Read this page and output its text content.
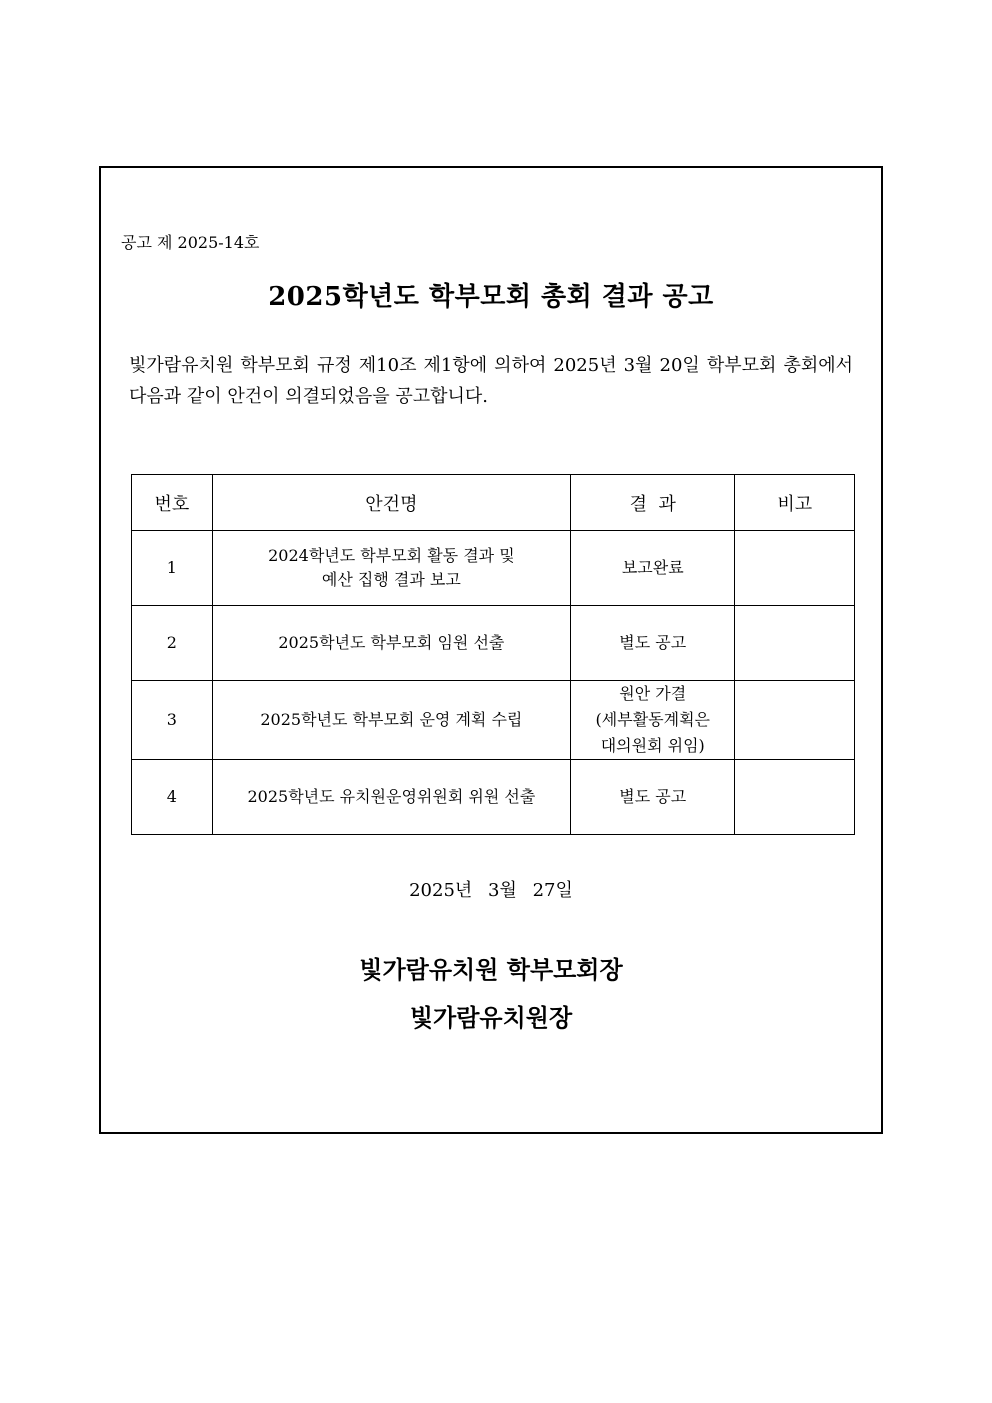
공고 제 2025-14호
2025학년도 학부모회 총회 결과 공고
빛가람유치원 학부모회 규정 제10조 제1항에 의하여 2025년 3월 20일 학부모회 총회에서 다음과 같이 안건이 의결되었음을 공고합니다.
번호	안건명	결  과	비고
1	2024학년도 학부모회 활동 결과 및
예산 집행 결과 보고	보고완료	

2	2025학년도 학부모회 임원 선출	별도 공고	

3	2025학년도 학부모회 운영 계획 수립	원안 가결
(세부활동계획은
대의원회 위임)	

4	2025학년도 유치원운영위원회 위원 선출	별도 공고	

2025년 3월 27일
빛가람유치원 학부모회장
빛가람유치원장
